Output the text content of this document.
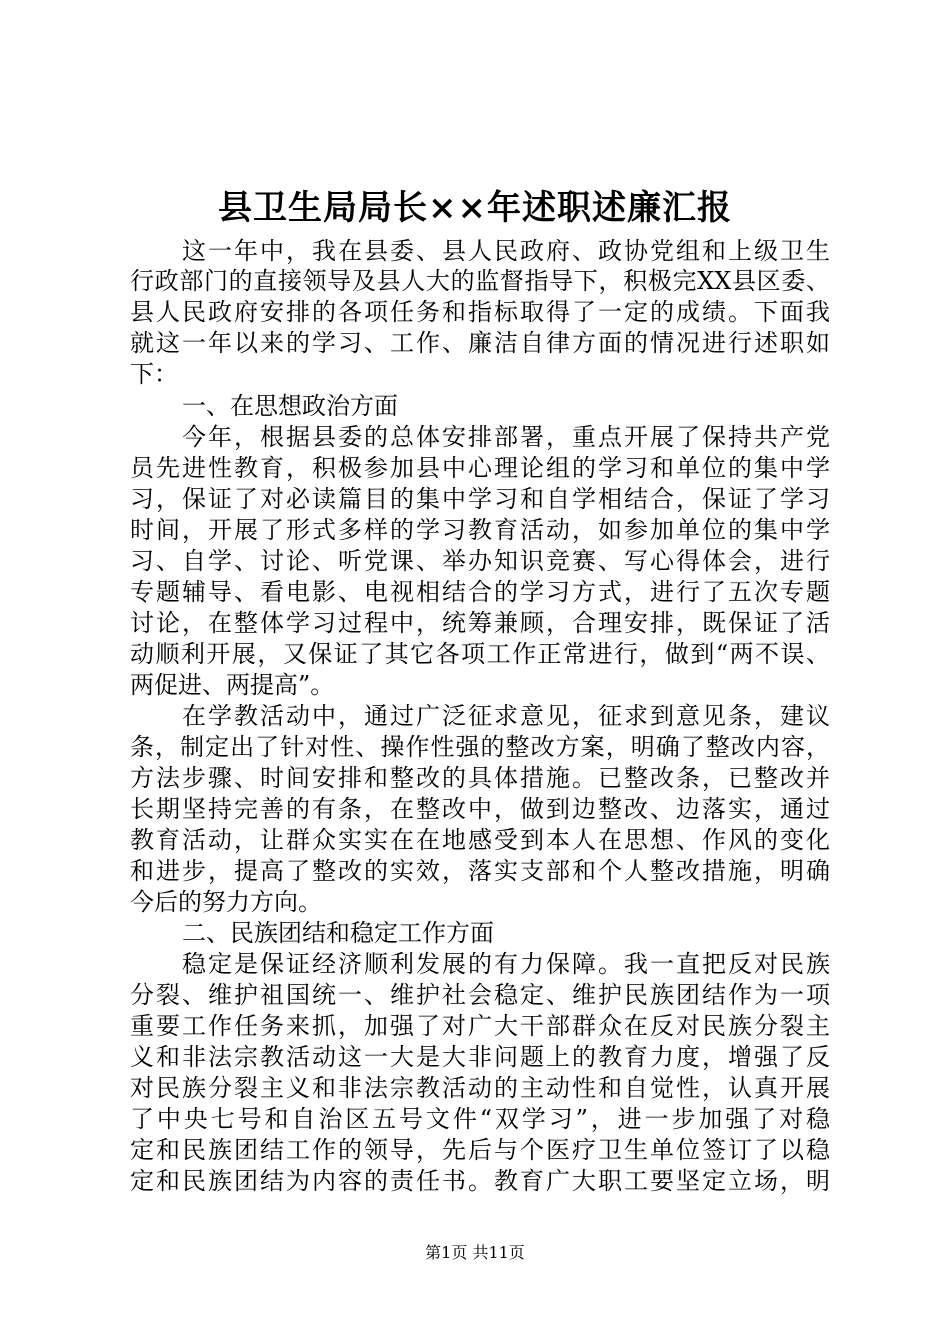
县卫生局局长××年述职述廉汇报
这一年中，我在县委、县人民政府、政协党组和上级卫生
行政部门的直接领导及县人大的监督指导下，积极完XX县区委、
县人民政府安排的各项任务和指标取得了一定的成绩。下面我
就这一年以来的学习、工作、廉洁自律方面的情况进行述职如
下：
一、在思想政治方面
今年，根据县委的总体安排部署，重点开展了保持共产党
员先进性教育，积极参加县中心理论组的学习和单位的集中学
习，保证了对必读篇目的集中学习和自学相结合，保证了学习
时间，开展了形式多样的学习教育活动，如参加单位的集中学
习、自学、讨论、听党课、举办知识竞赛、写心得体会，进行
专题辅导、看电影、电视相结合的学习方式，进行了五次专题
讨论，在整体学习过程中，统筹兼顾，合理安排，既保证了活
动顺利开展，又保证了其它各项工作正常进行，做到“两不误、
两促进、两提高”。
在学教活动中，通过广泛征求意见，征求到意见条，建议
条，制定出了针对性、操作性强的整改方案，明确了整改内容，
方法步骤、时间安排和整改的具体措施。已整改条，已整改并
长期坚持完善的有条，在整改中，做到边整改、边落实，通过
教育活动，让群众实实在在地感受到本人在思想、作风的变化
和进步，提高了整改的实效，落实支部和个人整改措施，明确
今后的努力方向。
二、民族团结和稳定工作方面
稳定是保证经济顺利发展的有力保障。我一直把反对民族
分裂、维护祖国统一、维护社会稳定、维护民族团结作为一项
重要工作任务来抓，加强了对广大干部群众在反对民族分裂主
义和非法宗教活动这一大是大非问题上的教育力度，增强了反
对民族分裂主义和非法宗教活动的主动性和自觉性，认真开展
了中央七号和自治区五号文件“双学习”，进一步加强了对稳
定和民族团结工作的领导，先后与个医疗卫生单位签订了以稳
定和民族团结为内容的责任书。教育广大职工要坚定立场，明
第1页 共11页
